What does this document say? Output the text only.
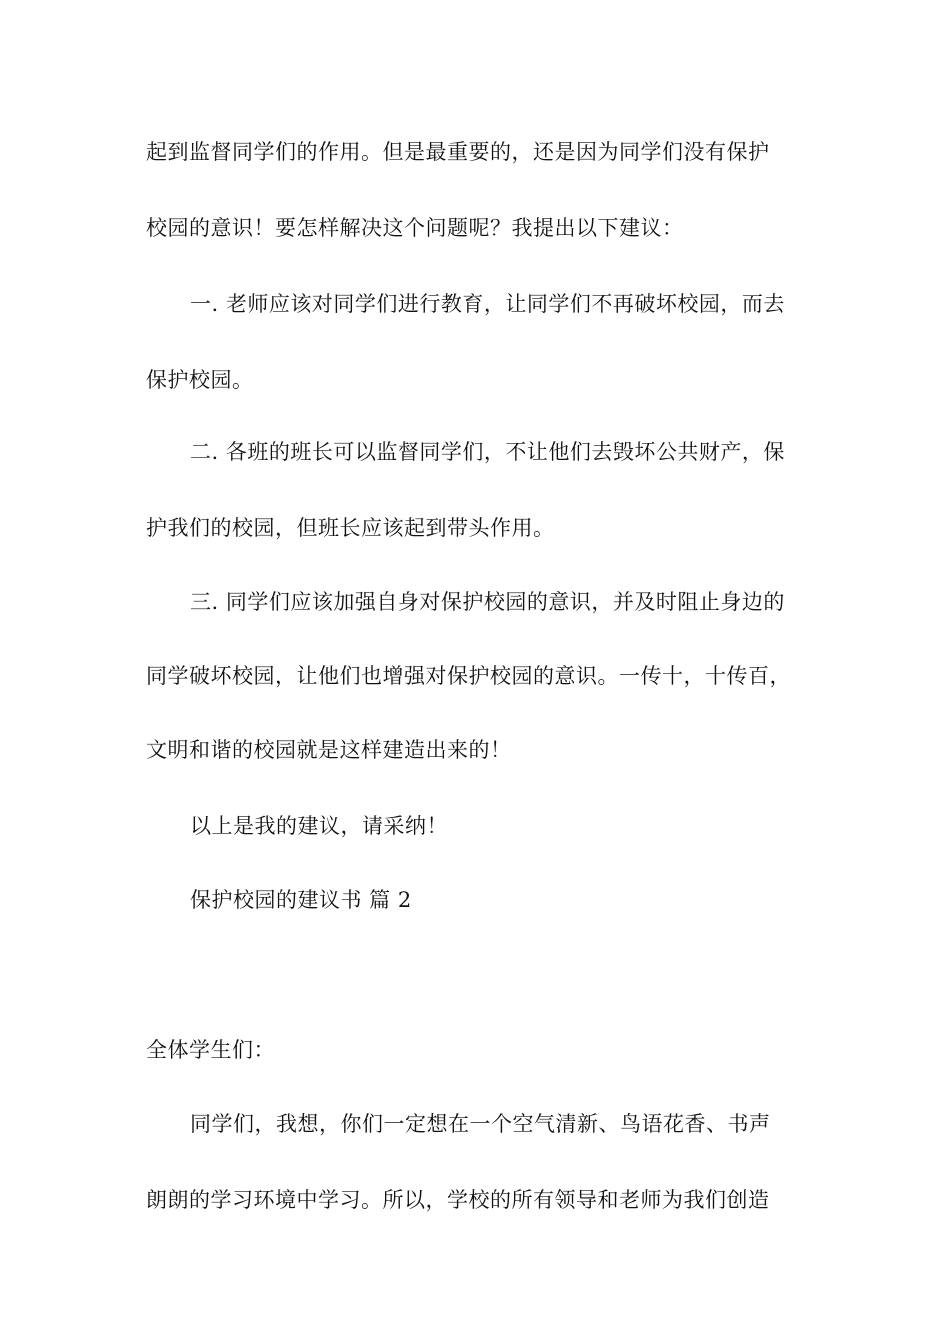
起到监督同学们的作用。但是最重要的，还是因为同学们没有保护
校园的意识！要怎样解决这个问题呢？我提出以下建议：
一. 老师应该对同学们进行教育，让同学们不再破坏校园，而去
保护校园。
二. 各班的班长可以监督同学们，不让他们去毁坏公共财产，保
护我们的校园，但班长应该起到带头作用。
三. 同学们应该加强自身对保护校园的意识，并及时阻止身边的
同学破坏校园，让他们也增强对保护校园的意识。一传十，十传百，
文明和谐的校园就是这样建造出来的！
以上是我的建议，请采纳！
保护校园的建议书 篇 2
全体学生们：
同学们，我想，你们一定想在一个空气清新、鸟语花香、书声
朗朗的学习环境中学习。所以，学校的所有领导和老师为我们创造
